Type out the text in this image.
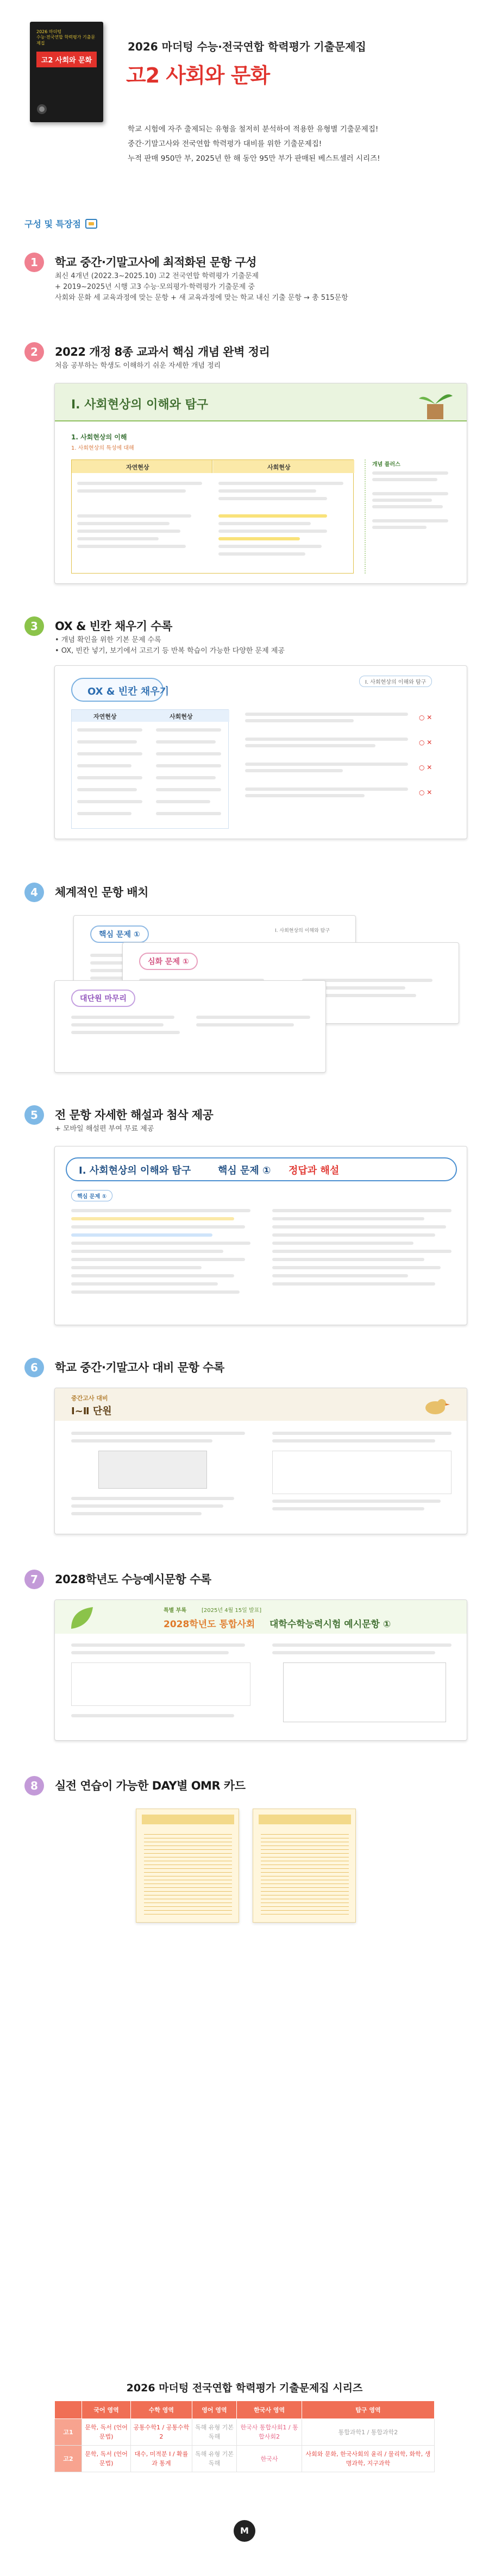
2026 마더텅
수능·전국연합 학력평가 기출문제집
고2 사회와 문화
2026 마더텅 수능·전국연합 학력평가 기출문제집
고2 사회와 문화
학교 시험에 자주 출제되는 유형을 철저히 분석하여 적용한 유형별 기출문제집!
중간·기말고사와 전국연합 학력평가 대비를 위한 기출문제집!
누적 판매 950만 부, 2025년 한 해 동안 95만 부가 판매된 베스트셀러 시리즈!
구성 및 특장점
1	학교 중간·기말고사에 최적화된 문항 구성
최신 4개년 (2022.3~2025.10) 고2 전국연합 학력평가 기출문제
+ 2019~2025년 시행 고3 수능·모의평가·학력평가 기출문제 중
사회와 문화 세 교육과정에 맞는 문항 + 새 교육과정에 맞는 학교 내신 기출 문항 → 총 515문항
2	2022 개정 8종 교과서 핵심 개념 완벽 정리
처음 공부하는 학생도 이해하기 쉬운 자세한 개념 정리
I. 사회현상의 이해와 탐구
1. 사회현상의 이해
1. 사회현상의 특성에 대해
자연현상	사회현상	개념 플러스
3	OX & 빈칸 채우기 수록
• 개념 확인을 위한 기본 문제 수록
• OX, 빈칸 넣기, 보기에서 고르기 등 반복 학습이 가능한 다양한 문제 제공
OX & 빈칸 채우기
I. 사회현상의 이해와 탐구
자연현상	사회현상	○ ✕
○ ✕
○ ✕
○ ✕
4	체계적인 문항 배치
핵심 문제 ①	I. 사회현상의 이해와 탐구
심화 문제 ①
대단원 마무리
5	전 문항 자세한 해설과 첨삭 제공
+ 모바일 해설편 부여 무료 제공
I. 사회현상의 이해와 탐구	핵심 문제 ① 정답과 해설
핵심 문제 ①
6	학교 중간·기말고사 대비 문항 수록
중간고사 대비
I~Ⅱ 단원
7	2028학년도 수능예시문항 수록
특별 부록	[2025년 4월 15일 발표]
2028학년도 통합사회 대학수학능력시험 예시문항 ①
8	실전 연습이 가능한 DAY별 OMR 카드
2026 마더텅 전국연합 학력평가 기출문제집 시리즈
	국어 영역	수학 영역	영어 영역	한국사 영역	탐구 영역
고1	문학, 독서 (언어문법)	공통수학1 / 공통수학2	독해 유형 기본 독해	한국사 통합사회1 / 통합사회2	통합과학1 / 통합과학2
고2	문학, 독서 (언어문법)	대수, 미적분 I / 확률과 통계	독해 유형 기본 독해	한국사	사회와 문화, 한국사회의 윤리 / 물리학, 화학, 생명과학, 지구과학
M
